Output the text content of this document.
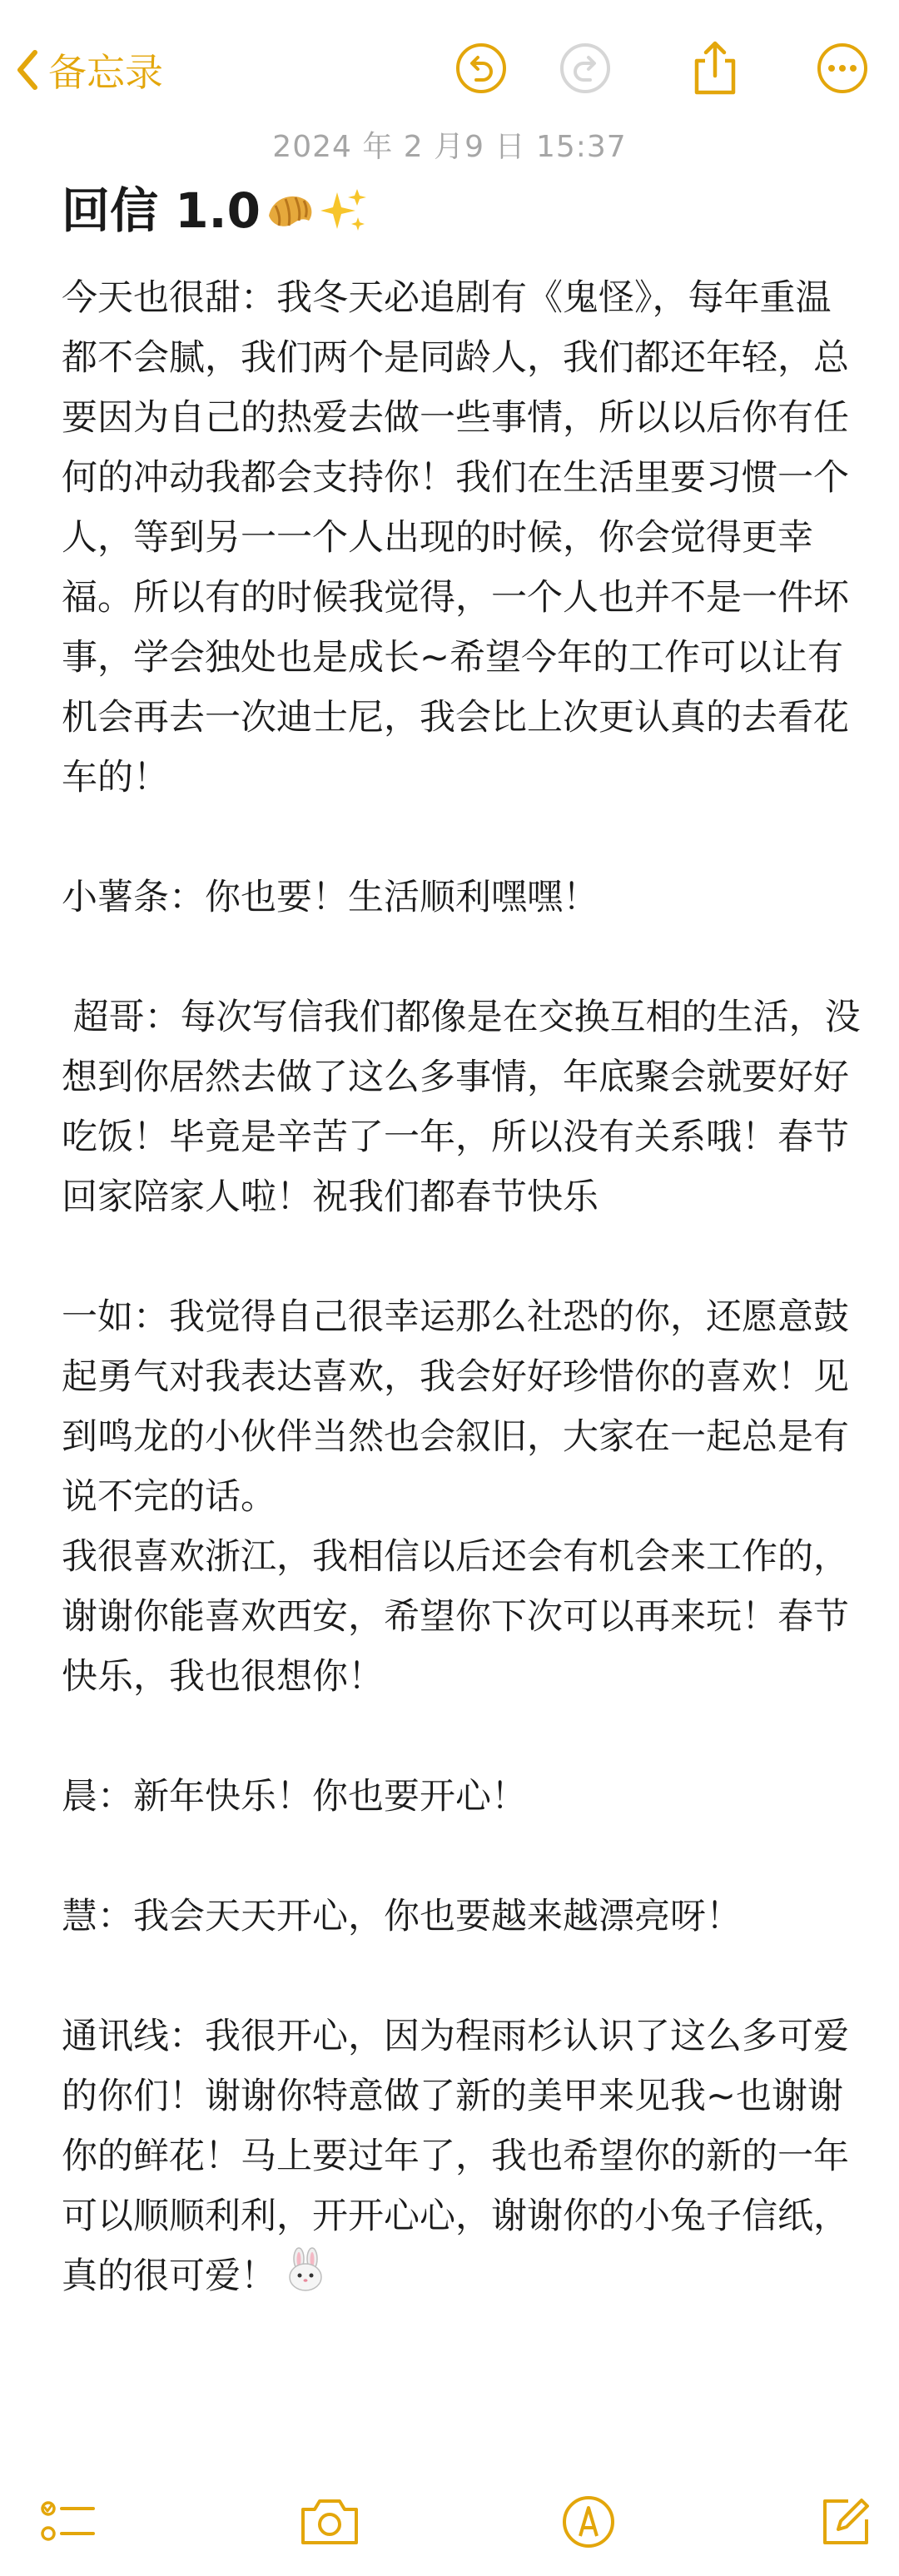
备忘录
2024 年 2 月9 日 15:37
回信 1.0
今天也很甜：我冬天必追剧有《鬼怪》，每年重温都不会腻，我们两个是同龄人，我们都还年轻，总要因为自己的热爱去做一些事情，所以以后你有任何的冲动我都会支持你！我们在生活里要习惯一个人，等到另一一个人出现的时候，你会觉得更幸福。所以有的时候我觉得，一个人也并不是一件坏事，学会独处也是成长~希望今年的工作可以让有机会再去一次迪士尼，我会比上次更认真的去看花车的！
小薯条：你也要！生活顺利嘿嘿！
超哥：每次写信我们都像是在交换互相的生活，没想到你居然去做了这么多事情，年底聚会就要好好吃饭！毕竟是辛苦了一年，所以没有关系哦！春节回家陪家人啦！祝我们都春节快乐
一如：我觉得自己很幸运那么社恐的你，还愿意鼓起勇气对我表达喜欢，我会好好珍惜你的喜欢！见到鸣龙的小伙伴当然也会叙旧，大家在一起总是有说不完的话。
我很喜欢浙江，我相信以后还会有机会来工作的，谢谢你能喜欢西安，希望你下次可以再来玩！春节快乐，我也很想你！
晨：新年快乐！你也要开心！
慧：我会天天开心，你也要越来越漂亮呀！
通讯线：我很开心，因为程雨杉认识了这么多可爱的你们！谢谢你特意做了新的美甲来见我~也谢谢你的鲜花！马上要过年了，我也希望你的新的一年可以顺顺利利，开开心心，谢谢你的小兔子信纸，真的很可爱！
